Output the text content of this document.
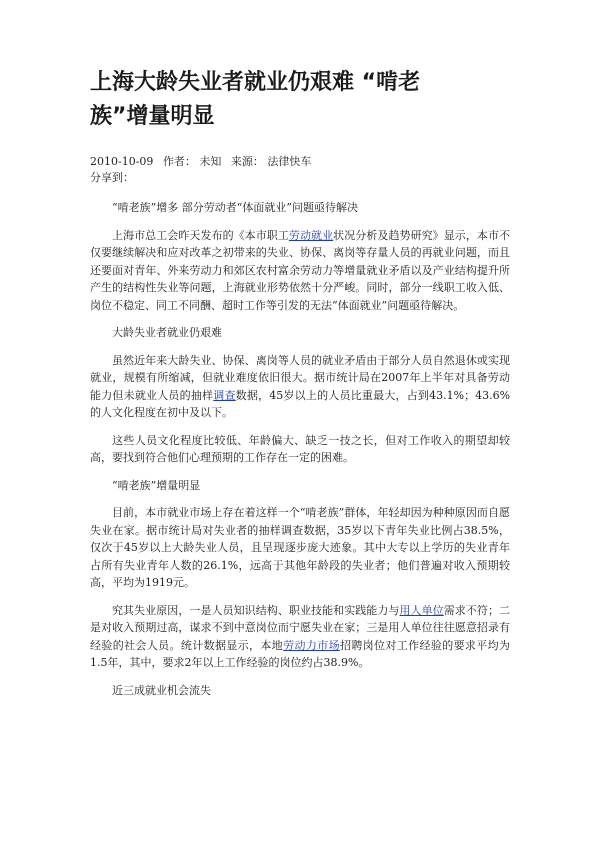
上海大龄失业者就业仍艰难 “啃老
族”增量明显
2010-10-09 作者： 未知 来源： 法律快车
分享到：

“啃老族”增多 部分劳动者“体面就业”问题亟待解决

上海市总工会昨天发布的《本市职工劳动就业状况分析及趋势研究》显示，本市不仅要继续解决和应对改革之初带来的失业、协保、离岗等存量人员的再就业问题，而且还要面对青年、外来劳动力和郊区农村富余劳动力等增量就业矛盾以及产业结构提升所产生的结构性失业等问题，上海就业形势依然十分严峻。同时，部分一线职工收入低、岗位不稳定、同工不同酬、超时工作等引发的无法“体面就业”问题亟待解决。

大龄失业者就业仍艰难

虽然近年来大龄失业、协保、离岗等人员的就业矛盾由于部分人员自然退休或实现就业，规模有所缩减，但就业难度依旧很大。据市统计局在2007年上半年对具备劳动能力但未就业人员的抽样调查数据，45岁以上的人员比重最大，占到43.1%；43.6%的人文化程度在初中及以下。

这些人员文化程度比较低、年龄偏大、缺乏一技之长，但对工作收入的期望却较高，要找到符合他们心理预期的工作存在一定的困难。

“啃老族”增量明显

目前，本市就业市场上存在着这样一个“啃老族”群体，年轻却因为种种原因而自愿失业在家。据市统计局对失业者的抽样调查数据，35岁以下青年失业比例占38.5%，仅次于45岁以上大龄失业人员，且呈现逐步庞大迹象。其中大专以上学历的失业青年占所有失业青年人数的26.1%，远高于其他年龄段的失业者；他们普遍对收入预期较高，平均为1919元。

究其失业原因，一是人员知识结构、职业技能和实践能力与用人单位需求不符；二是对收入预期过高，谋求不到中意岗位而宁愿失业在家；三是用人单位往往愿意招录有经验的社会人员。统计数据显示，本地劳动力市场招聘岗位对工作经验的要求平均为1.5年，其中，要求2年以上工作经验的岗位约占38.9%。

近三成就业机会流失
